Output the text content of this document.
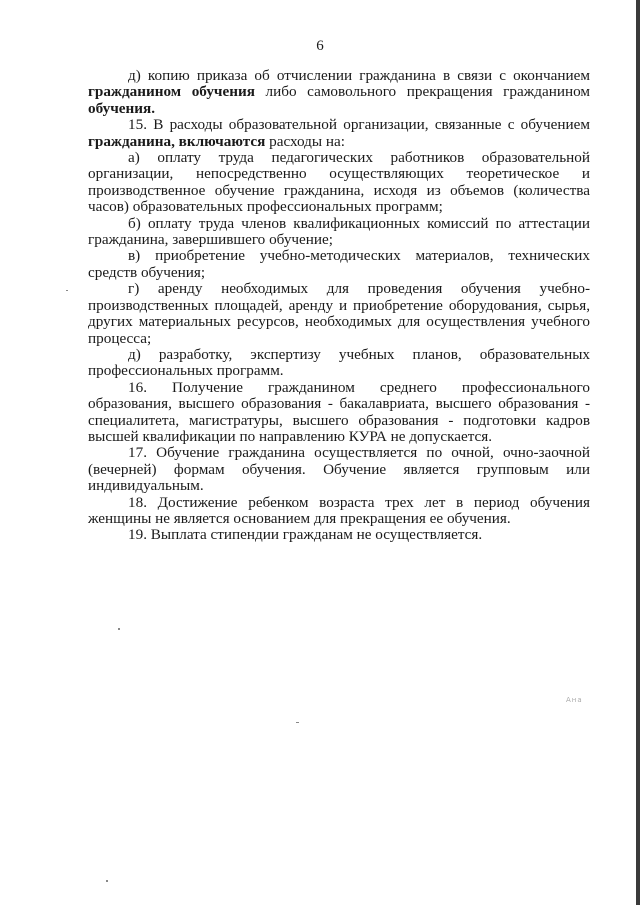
6

д) копию приказа об отчислении гражданина в связи с окончанием гражданином обучения либо самовольного прекращения гражданином обучения.

15. В расходы образовательной организации, связанные с обучением гражданина, включаются расходы на:

а) оплату труда педагогических работников образовательной организации, непосредственно осуществляющих теоретическое и производственное обучение гражданина, исходя из объемов (количества часов) образовательных профессиональных программ;

б) оплату труда членов квалификационных комиссий по аттестации гражданина, завершившего обучение;

в) приобретение учебно-методических материалов, технических средств обучения;

г) аренду необходимых для проведения обучения учебно-производственных площадей, аренду и приобретение оборудования, сырья, других материальных ресурсов, необходимых для осуществления учебного процесса;

д) разработку, экспертизу учебных планов, образовательных профессиональных программ.

16. Получение гражданином среднего профессионального образования, высшего образования - бакалавриата, высшего образования - специалитета, магистратуры, высшего образования - подготовки кадров высшей квалификации по направлению КУРА не допускается.

17. Обучение гражданина осуществляется по очной, очно-заочной (вечерней) формам обучения. Обучение является групповым или индивидуальным.

18. Достижение ребенком возраста трех лет в период обучения женщины не является основанием для прекращения ее обучения.

19. Выплата стипендии гражданам не осуществляется.

Ана
